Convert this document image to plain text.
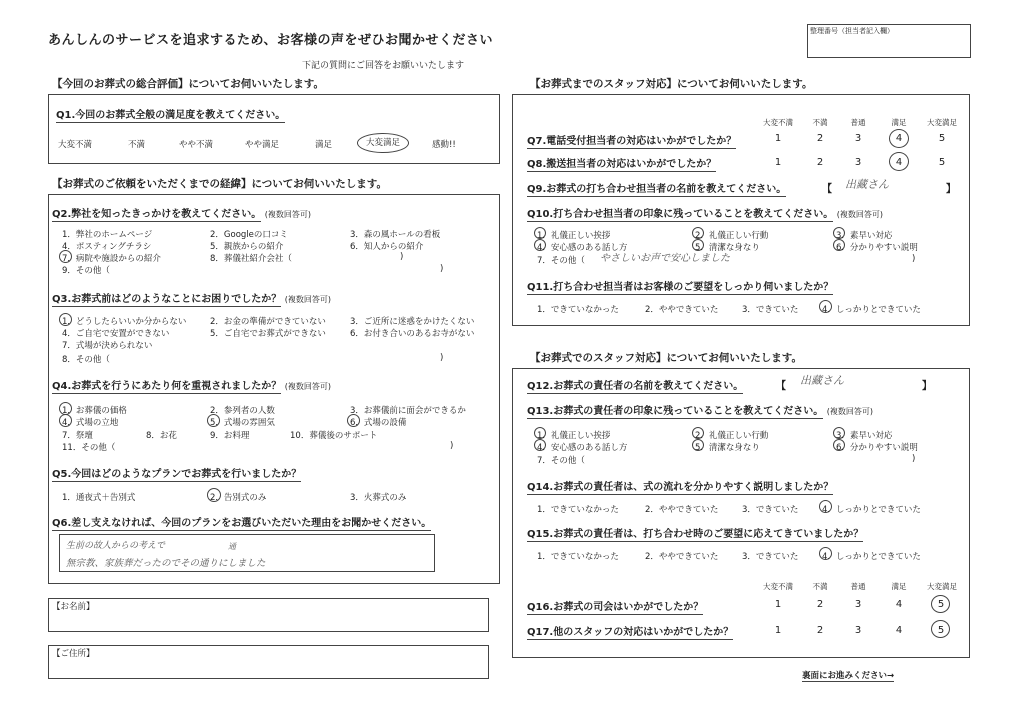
あんしんのサービスを追求するため、お客様の声をぜひお聞かせください
下記の質問にご回答をお願いいたします
整理番号（担当者記入欄）
【今回のお葬式の総合評価】についてお伺いいたします。
Q1.今回のお葬式全般の満足度を教えてください。
大変不満	不満	やや不満	やや満足	満足	大変満足	感動!!
【お葬式のご依頼をいただくまでの経緯】についてお伺いいたします。
Q2.弊社を知ったきっかけを教えてください。 (複数回答可)
1．弊社のホームページ	2．Googleの口コミ	3．森の風ホールの看板
4．ポスティングチラシ	5．親族からの紹介	6．知人からの紹介
7．病院や施設からの紹介	8．葬儀社紹介会社（	)
9．その他（	)
Q3.お葬式前はどのようなことにお困りでしたか？ (複数回答可)
1．どうしたらいいか分からない	2．お金の準備ができていない	3．ご近所に迷惑をかけたくない
4．ご自宅で安置ができない	5．ご自宅でお葬式ができない	6．お付き合いのあるお寺がない
7．式場が決められない
8．その他（	)
Q4.お葬式を行うにあたり何を重視されましたか？ (複数回答可)
1．お葬儀の価格	2．参列者の人数	3．お葬儀前に面会ができるか
4．式場の立地	5．式場の雰囲気	6．式場の設備
7．祭壇	8．お花	9．お料理	10．葬儀後のサポート
11．その他（	)
Q5.今回はどのようなプランでお葬式を行いましたか？
1．通夜式＋告別式	2．告別式のみ	3．火葬式のみ
Q6.差し支えなければ、今回のプランをお選びいただいた理由をお聞かせください。
生前の故人からの考えで
無宗教、家族葬だったのでその通りにしました
通
【お名前】
【ご住所】
【お葬式までのスタッフ対応】についてお伺いいたします。
大変不満	不満	普通	満足	大変満足
Q7.電話受付担当者の対応はいかがでしたか？	1	2	3	4	5
Q8.搬送担当者の対応はいかがでしたか？	1	2	3	4	5
Q9.お葬式の打ち合わせ担当者の名前を教えてください。	【 出藏さん	】
Q10.打ち合わせ担当者の印象に残っていることを教えてください。 (複数回答可)
1．礼儀正しい挨拶	2．礼儀正しい行動	3．素早い対応
4．安心感のある話し方	5．清潔な身なり	6．分かりやすい説明
7．その他（ やさしいお声で安心しました	)
Q11.打ち合わせ担当者はお客様のご要望をしっかり伺いましたか？
1．できていなかった	2．ややできていた	3．できていた	4．しっかりとできていた
【お葬式でのスタッフ対応】についてお伺いいたします。
Q12.お葬式の責任者の名前を教えてください。	【 出藏さん	】
Q13.お葬式の責任者の印象に残っていることを教えてください。 (複数回答可)
1．礼儀正しい挨拶	2．礼儀正しい行動	3．素早い対応
4．安心感のある話し方	5．清潔な身なり	6．分かりやすい説明
7．その他（	)
Q14.お葬式の責任者は、式の流れを分かりやすく説明しましたか？
1．できていなかった	2．ややできていた	3．できていた	4．しっかりとできていた
Q15.お葬式の責任者は、打ち合わせ時のご要望に応えてきていましたか？
1．できていなかった	2．ややできていた	3．できていた	4．しっかりとできていた
大変不満	不満	普通	満足	大変満足
Q16.お葬式の司会はいかがでしたか？	1	2	3	4	5
Q17.他のスタッフの対応はいかがでしたか？	1	2	3	4	5
裏面にお進みください→
